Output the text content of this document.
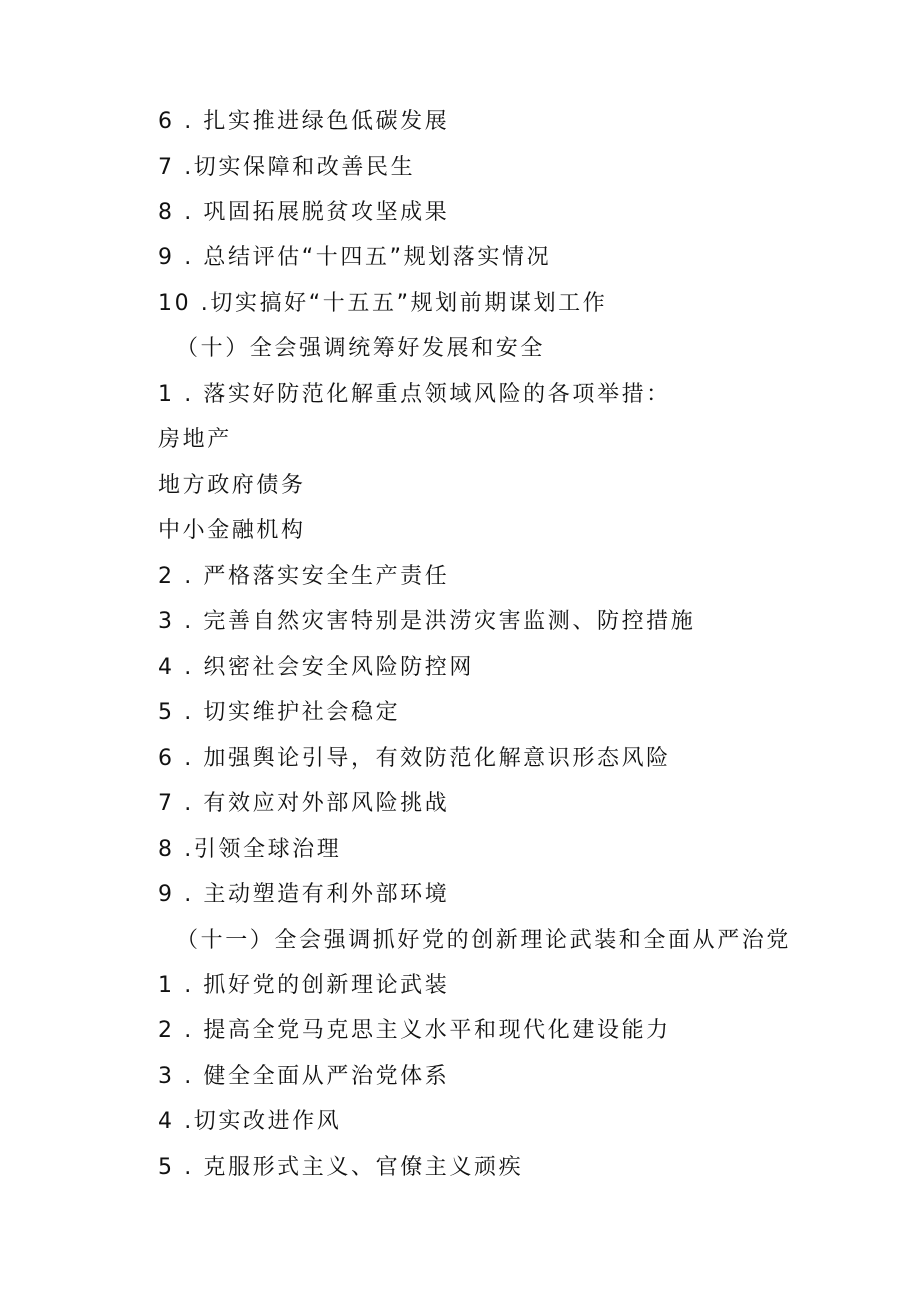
6 . 扎实推进绿色低碳发展
7 .切实保障和改善民生
8 . 巩固拓展脱贫攻坚成果
9 . 总结评估“十四五”规划落实情况
10 .切实搞好“十五五”规划前期谋划工作
（十）全会强调统筹好发展和安全
1 . 落实好防范化解重点领域风险的各项举措：
房地产
地方政府债务
中小金融机构
2 . 严格落实安全生产责任
3 . 完善自然灾害特别是洪涝灾害监测、防控措施
4 . 织密社会安全风险防控网
5 . 切实维护社会稳定
6 . 加强舆论引导，有效防范化解意识形态风险
7 . 有效应对外部风险挑战
8 .引领全球治理
9 . 主动塑造有利外部环境
（十一）全会强调抓好党的创新理论武装和全面从严治党
1 . 抓好党的创新理论武装
2 . 提高全党马克思主义水平和现代化建设能力
3 . 健全全面从严治党体系
4 .切实改进作风
5 . 克服形式主义、官僚主义顽疾
